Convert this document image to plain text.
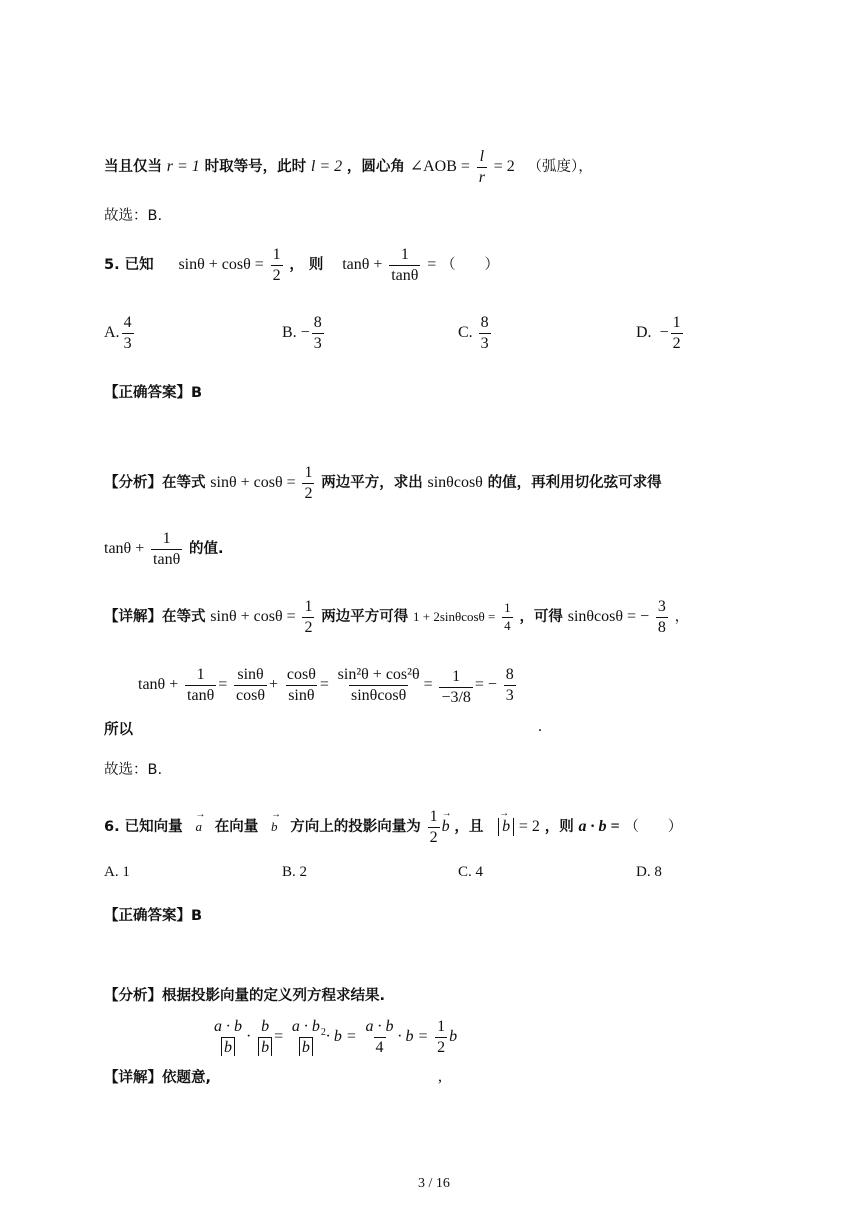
当且仅当 r = 1 时取等号，此时 l = 2 ，圆心角 ∠AOB = $\frac{l}{r} = 2$ （弧度），
故选：B.
5. 已知 $\sin\theta + \cos\theta = \frac{1}{2}$ ， 则 $\tan\theta + \frac{1}{\tan\theta}$ = （　　）
A. $\frac{4}{3}$	B. − $\frac{8}{3}$	C. $\frac{8}{3}$	D. − $\frac{1}{2}$
【正确答案】B
【分析】在等式 $\sin\theta + \cos\theta = \frac{1}{2}$ 两边平方，求出 sinθcosθ 的值，再利用切化弦可求得
$\tan\theta + \frac{1}{\tan\theta}$ 的值.
【详解】在等式 $\sin\theta + \cos\theta = \frac{1}{2}$ 两边平方可得 $1 + 2\sin\theta\cos\theta = \frac{1}{4}$ ，可得 sinθcosθ = − $\frac{3}{8}$ ，
$\tan\theta + \frac{1}{\tan\theta} = \frac{\sin\theta}{\cos\theta} + \frac{\cos\theta}{\sin\theta} = \frac{\text{sin²θ + cos²θ}}{\sin\theta\cos\theta} = \frac{1}{-3/8}$ = − $\frac{8}{3}$
所以	.
故选：B.
6. 已知向量 → a 在向量 → b 方向上的投影向量为 $\frac{1}{2}$
→ b ，且 → b = 2 ，则 a · b = （　　）
A. 1	B. 2	C. 4	D. 8
【正确答案】B
【分析】根据投影向量的定义列方程求结果.
$\frac{a \cdot b}{b} \cdot \frac{b}{b} = \frac{a \cdot b}{b} ^2\cdot b = \frac{a \cdot b}{4} \cdot b = \frac{1}{2}$ b
【详解】依题意,	,
3 / 16
